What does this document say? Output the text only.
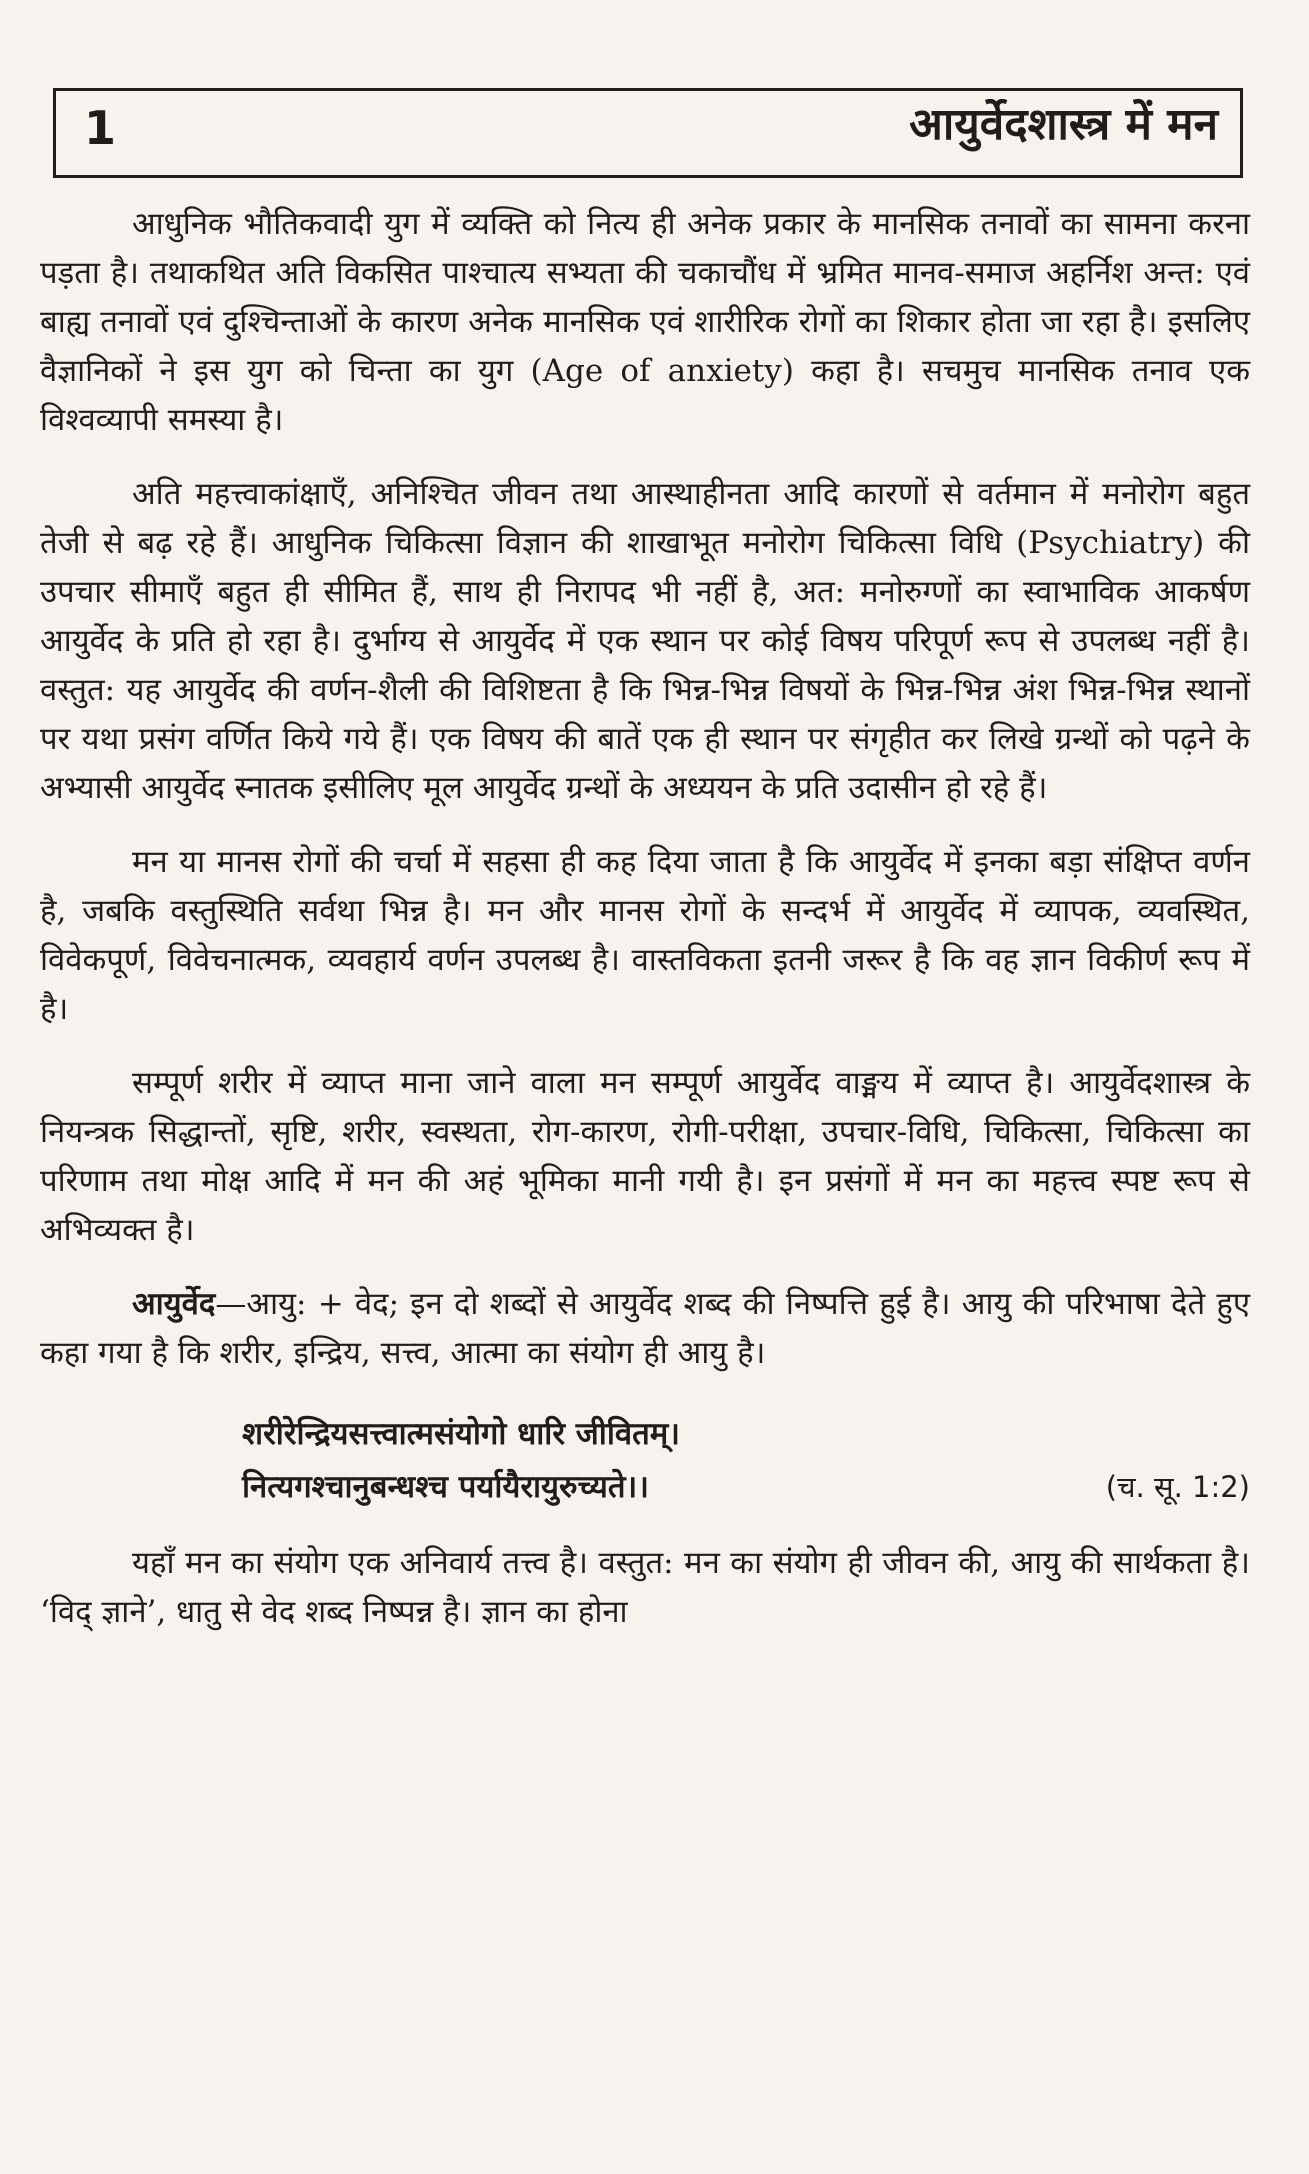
1	आयुर्वेदशास्त्र में मन

आधुनिक भौतिकवादी युग में व्यक्ति को नित्य ही अनेक प्रकार के मानसिक तनावों का सामना करना पड़ता है। तथाकथित अति विकसित पाश्चात्य सभ्यता की चकाचौंध में भ्रमित मानव-समाज अहर्निश अन्त: एवं बाह्य तनावों एवं दुश्चिन्ताओं के कारण अनेक मानसिक एवं शारीरिक रोगों का शिकार होता जा रहा है। इसलिए वैज्ञानिकों ने इस युग को चिन्ता का युग (Age of anxiety) कहा है। सचमुच मानसिक तनाव एक विश्वव्यापी समस्या है।

अति महत्त्वाकांक्षाएँ, अनिश्चित जीवन तथा आस्थाहीनता आदि कारणों से वर्तमान में मनोरोग बहुत तेजी से बढ़ रहे हैं। आधुनिक चिकित्सा विज्ञान की शाखाभूत मनोरोग चिकित्सा विधि (Psychiatry) की उपचार सीमाएँ बहुत ही सीमित हैं, साथ ही निरापद भी नहीं है, अत: मनोरुग्णों का स्वाभाविक आकर्षण आयुर्वेद के प्रति हो रहा है। दुर्भाग्य से आयुर्वेद में एक स्थान पर कोई विषय परिपूर्ण रूप से उपलब्ध नहीं है। वस्तुत: यह आयुर्वेद की वर्णन-शैली की विशिष्टता है कि भिन्न-भिन्न विषयों के भिन्न-भिन्न अंश भिन्न-भिन्न स्थानों पर यथा प्रसंग वर्णित किये गये हैं। एक विषय की बातें एक ही स्थान पर संगृहीत कर लिखे ग्रन्थों को पढ़ने के अभ्यासी आयुर्वेद स्नातक इसीलिए मूल आयुर्वेद ग्रन्थों के अध्ययन के प्रति उदासीन हो रहे हैं।

मन या मानस रोगों की चर्चा में सहसा ही कह दिया जाता है कि आयुर्वेद में इनका बड़ा संक्षिप्त वर्णन है, जबकि वस्तुस्थिति सर्वथा भिन्न है। मन और मानस रोगों के सन्दर्भ में आयुर्वेद में व्यापक, व्यवस्थित, विवेकपूर्ण, विवेचनात्मक, व्यवहार्य वर्णन उपलब्ध है। वास्तविकता इतनी जरूर है कि वह ज्ञान विकीर्ण रूप में है।

सम्पूर्ण शरीर में व्याप्त माना जाने वाला मन सम्पूर्ण आयुर्वेद वाङ्मय में व्याप्त है। आयुर्वेदशास्त्र के नियन्त्रक सिद्धान्तों, सृष्टि, शरीर, स्वस्थता, रोग-कारण, रोगी-परीक्षा, उपचार-विधि, चिकित्सा, चिकित्सा का परिणाम तथा मोक्ष आदि में मन की अहं भूमिका मानी गयी है। इन प्रसंगों में मन का महत्त्व स्पष्ट रूप से अभिव्यक्त है।

आयुर्वेद—आयु: + वेद; इन दो शब्दों से आयुर्वेद शब्द की निष्पत्ति हुई है। आयु की परिभाषा देते हुए कहा गया है कि शरीर, इन्द्रिय, सत्त्व, आत्मा का संयोग ही आयु है।

शरीरेन्द्रियसत्त्वात्मसंयोगो धारि जीवितम्।
नित्यगश्चानुबन्धश्च पर्यायैरायुरुच्यते।।	(च. सू. 1:2)

यहाँ मन का संयोग एक अनिवार्य तत्त्व है। वस्तुत: मन का संयोग ही जीवन की, आयु की सार्थकता है। ‘विद् ज्ञाने’, धातु से वेद शब्द निष्पन्न है। ज्ञान का होना
